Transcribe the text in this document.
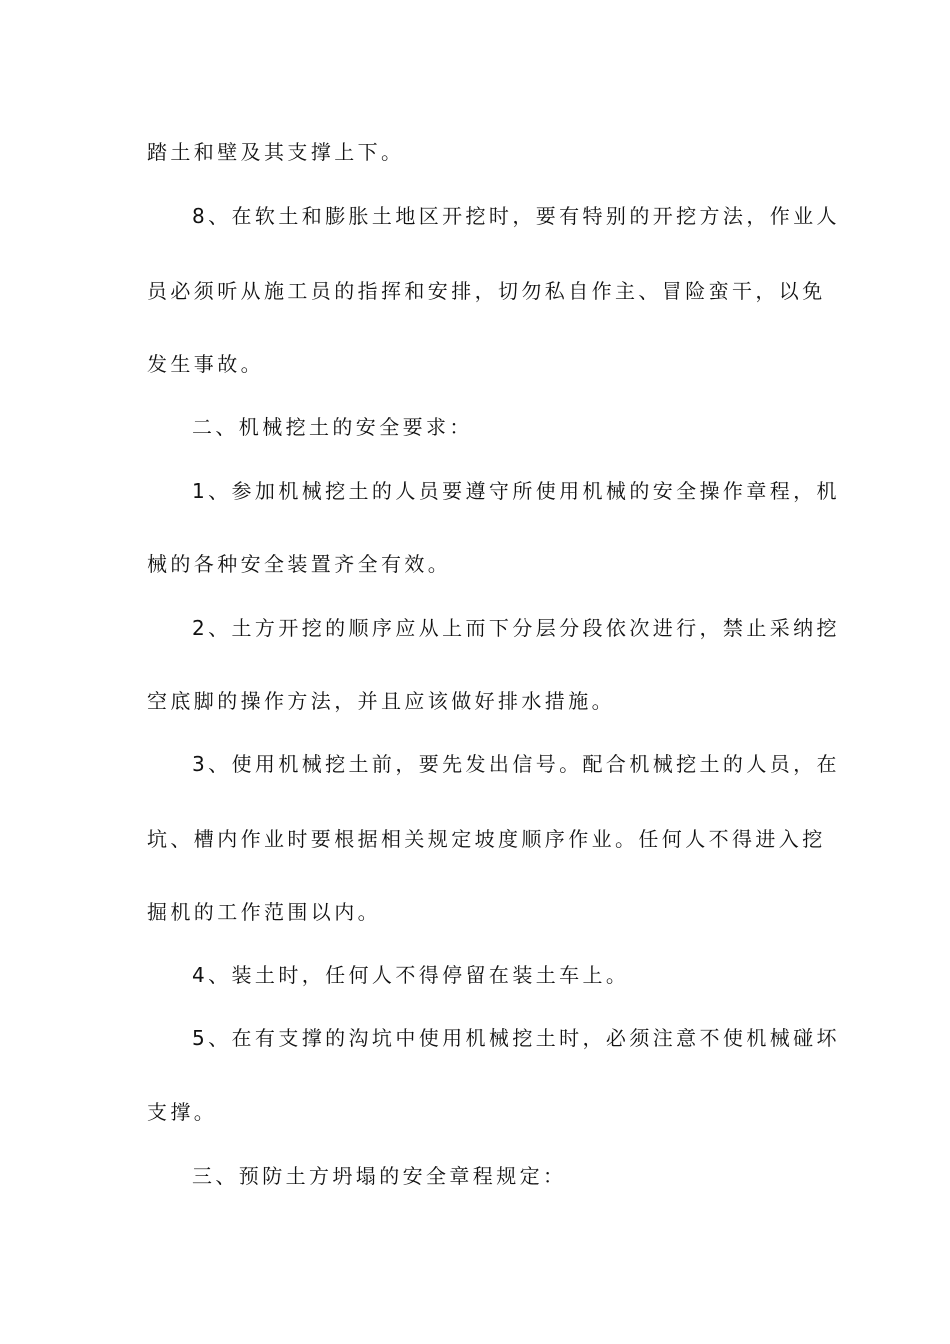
踏土和壁及其支撑上下。
8、在软土和膨胀土地区开挖时，要有特别的开挖方法，作业人
员必须听从施工员的指挥和安排，切勿私自作主、冒险蛮干，以免
发生事故。
二、机械挖土的安全要求：
1、参加机械挖土的人员要遵守所使用机械的安全操作章程，机
械的各种安全装置齐全有效。
2、土方开挖的顺序应从上而下分层分段依次进行，禁止采纳挖
空底脚的操作方法，并且应该做好排水措施。
3、使用机械挖土前，要先发出信号。配合机械挖土的人员，在
坑、槽内作业时要根据相关规定坡度顺序作业。任何人不得进入挖
掘机的工作范围以内。
4、装土时，任何人不得停留在装土车上。
5、在有支撑的沟坑中使用机械挖土时，必须注意不使机械碰坏
支撑。
三、预防土方坍塌的安全章程规定：
